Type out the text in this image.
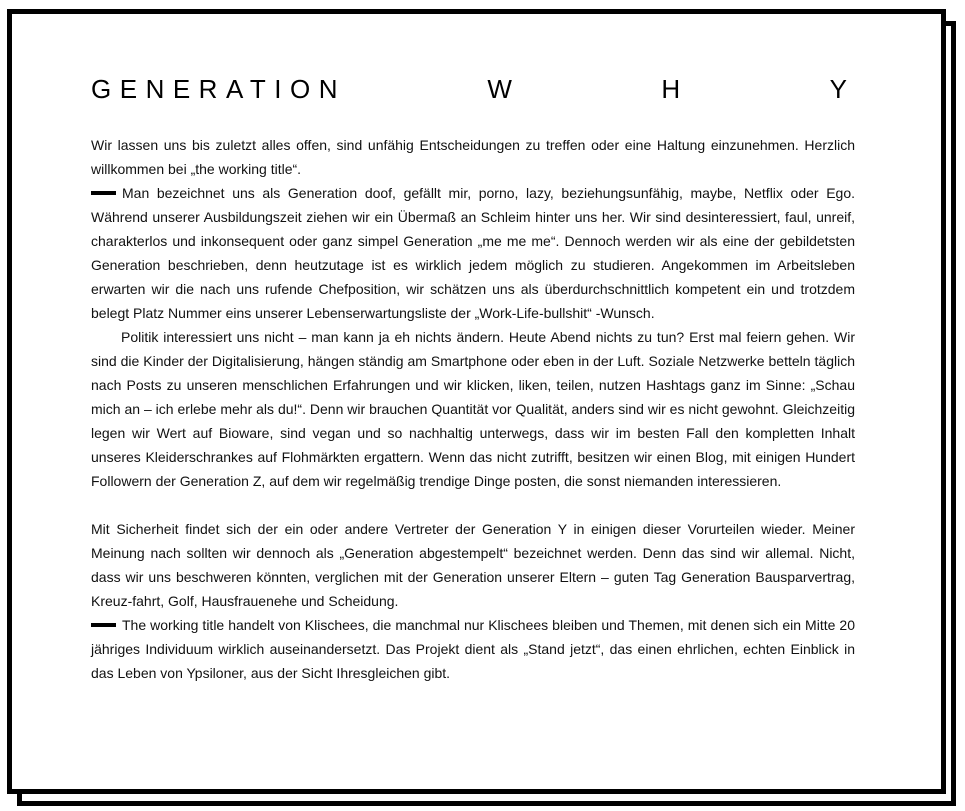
GENERATION	W	H	Y

Wir lassen uns bis zuletzt alles offen, sind unfähig Entscheidungen zu treffen oder eine Haltung einzunehmen. Herzlich willkommen bei „the working title“.

Man bezeichnet uns als Generation doof, gefällt mir, porno, lazy, beziehungsunfähig, maybe, Netflix oder Ego. Während unserer Ausbildungszeit ziehen wir ein Übermaß an Schleim hinter uns her. Wir sind desinteressiert, faul, unreif, charakterlos und inkonsequent oder ganz simpel Generation „me me me“. Dennoch werden wir als eine der gebildetsten Generation beschrieben, denn heutzutage ist es wirklich jedem möglich zu studieren. Angekommen im Arbeitsleben erwarten wir die nach uns rufende Chefposition, wir schätzen uns als überdurchschnittlich kompetent ein und trotzdem belegt Platz Nummer eins unserer Lebenserwartungsliste der „Work-Life-bullshit“ -Wunsch.

Politik interessiert uns nicht – man kann ja eh nichts ändern. Heute Abend nichts zu tun? Erst mal feiern gehen. Wir sind die Kinder der Digitalisierung, hängen ständig am Smartphone oder eben in der Luft. Soziale Netzwerke betteln täglich nach Posts zu unseren menschlichen Erfahrungen und wir klicken, liken, teilen, nutzen Hashtags ganz im Sinne: „Schau mich an – ich erlebe mehr als du!“. Denn wir brauchen Quantität vor Qualität, anders sind wir es nicht gewohnt. Gleichzeitig legen wir Wert auf Bioware, sind vegan und so nachhaltig unterwegs, dass wir im besten Fall den kompletten Inhalt unseres Kleiderschrankes auf Flohmärkten ergattern. Wenn das nicht zutrifft, besitzen wir einen Blog, mit einigen Hundert Followern der Generation Z, auf dem wir regelmäßig trendige Dinge posten, die sonst niemanden interessieren.

Mit Sicherheit findet sich der ein oder andere Vertreter der Generation Y in einigen dieser Vorurteilen wieder. Meiner Meinung nach sollten wir dennoch als „Generation abgestempelt“ bezeichnet werden. Denn das sind wir allemal. Nicht, dass wir uns beschweren könnten, verglichen mit der Generation unserer Eltern – guten Tag Generation Bausparvertrag, Kreuz-fahrt, Golf, Hausfrauenehe und Scheidung.

The working title handelt von Klischees, die manchmal nur Klischees bleiben und Themen, mit denen sich ein Mitte 20 jähriges Individuum wirklich auseinandersetzt. Das Projekt dient als „Stand jetzt“, das einen ehrlichen, echten Einblick in das Leben von Ypsiloner, aus der Sicht Ihresgleichen gibt.
